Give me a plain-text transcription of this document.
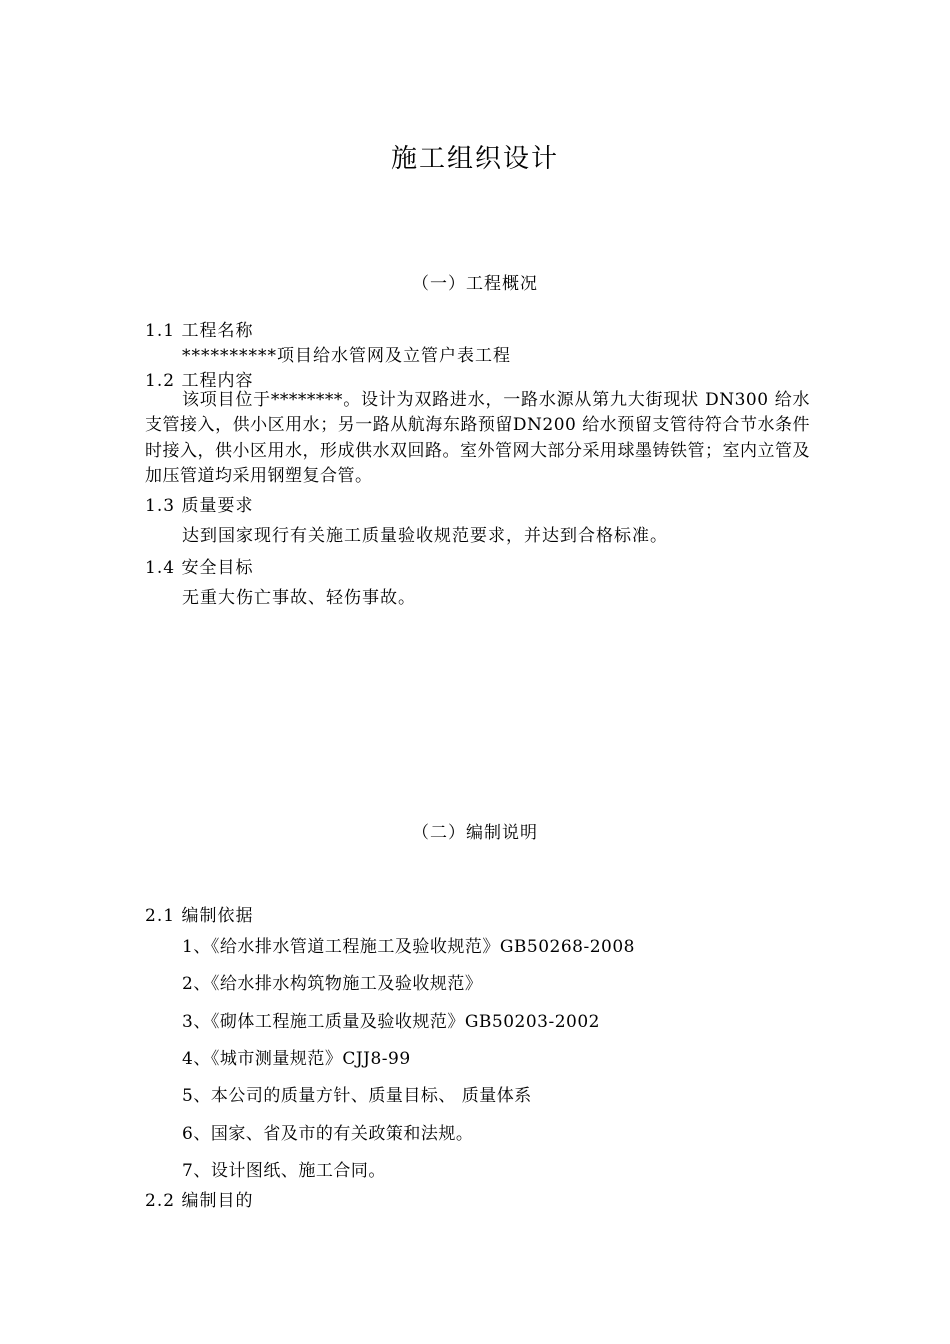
施工组织设计
（一）工程概况
1.1 工程名称
**********项目给水管网及立管户表工程
1.2 工程内容
该项目位于********。设计为双路进水，一路水源从第九大街现状 DN300 给水支管接入，供小区用水；另一路从航海东路预留DN200 给水预留支管待符合节水条件时接入，供小区用水，形成供水双回路。室外管网大部分采用球墨铸铁管；室内立管及加压管道均采用钢塑复合管。
1.3 质量要求
达到国家现行有关施工质量验收规范要求，并达到合格标准。
1.4 安全目标
无重大伤亡事故、轻伤事故。
（二）编制说明
2.1 编制依据
1、《给水排水管道工程施工及验收规范》GB50268-2008
2、《给水排水构筑物施工及验收规范》
3、《砌体工程施工质量及验收规范》GB50203-2002
4、《城市测量规范》CJJ8-99
5、本公司的质量方针、质量目标、 质量体系
6、国家、省及市的有关政策和法规。
7、设计图纸、施工合同。
2.2 编制目的
